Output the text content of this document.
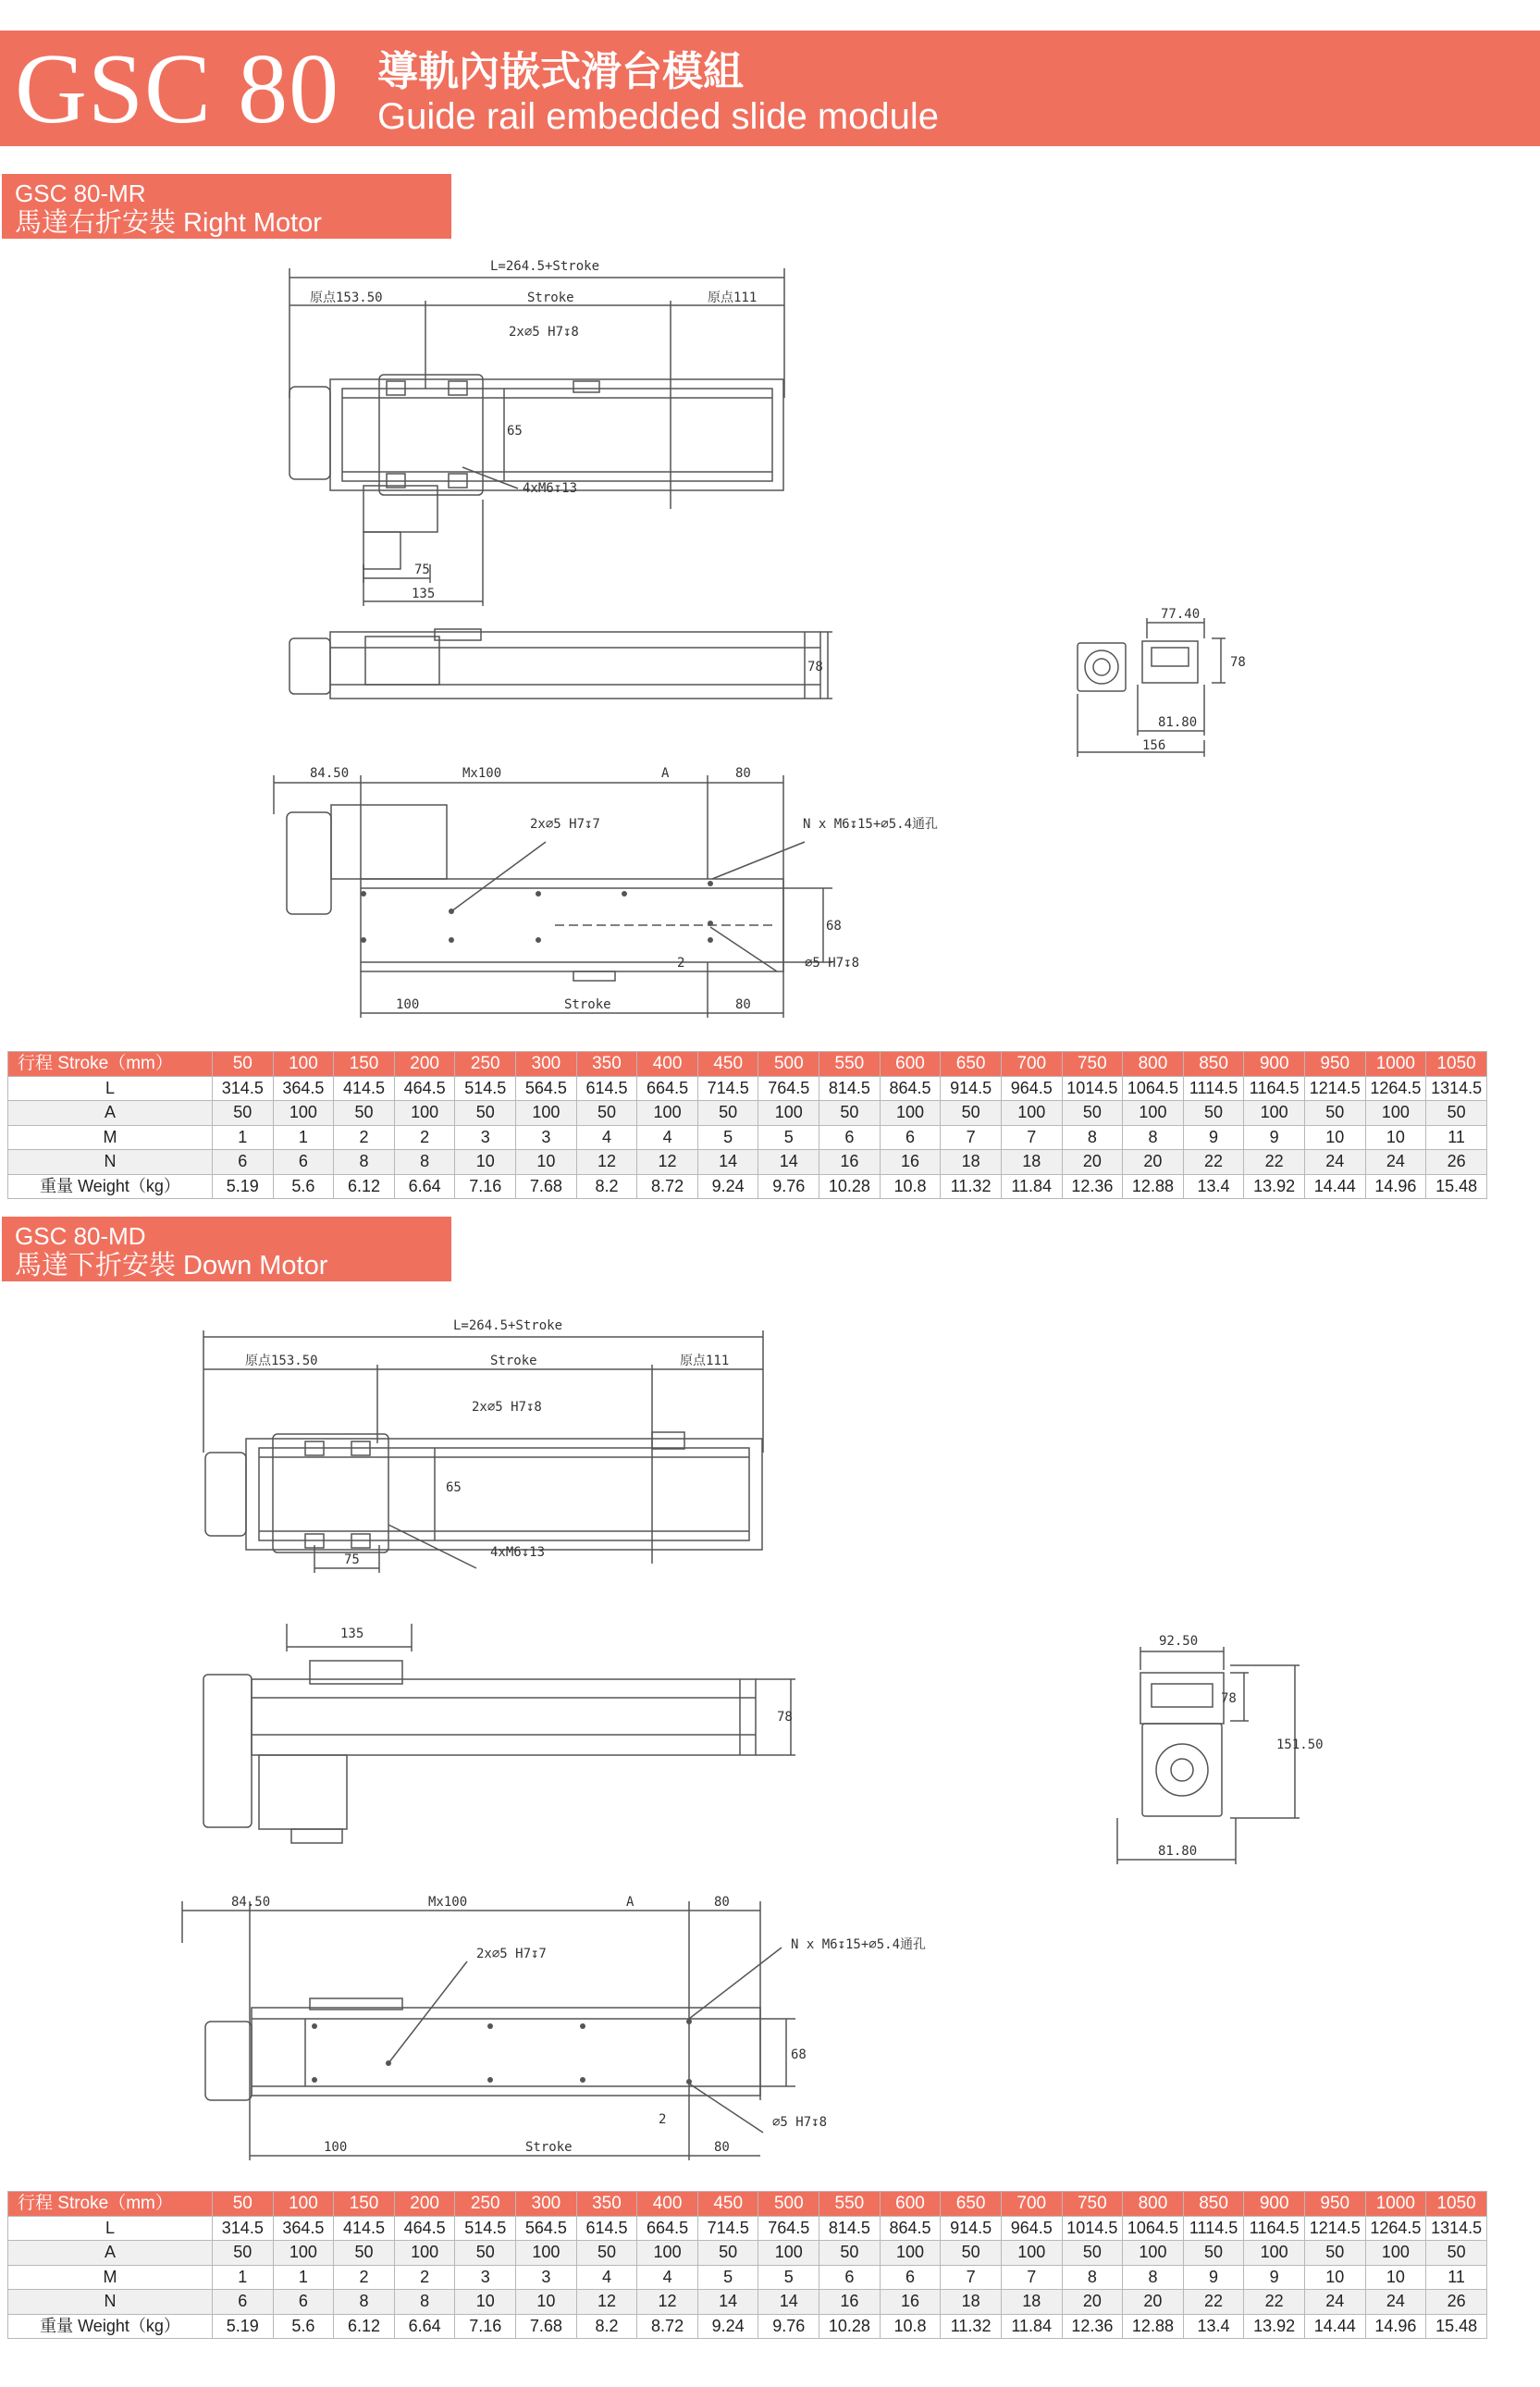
GSC 80 導軌內嵌式滑台模組
Guide rail embedded slide module
GSC 80-MR
馬達右折安裝 Right Motor Mounting	L=264.5+Stroke
原点153.50	Stroke	原点111
2x∅5 H7↧8
65
4xM6↧13
75
135
78
77.40
78
81.80
156
84.50	Mx100	A	80
2x∅5 H7↧7	N x M6↧15+∅5.4通孔
68
2	∅5 H7↧8
100	Stroke	80
行程 Stroke（mm）	50	100	150	200	250	300	350	400	450	500	550	600	650	700	750	800	850	900	950	1000	1050
L	314.5	364.5	414.5	464.5	514.5	564.5	614.5	664.5	714.5	764.5	814.5	864.5	914.5	964.5	1014.5	1064.5	1114.5	1164.5	1214.5	1264.5	1314.5
A	50	100	50	100	50	100	50	100	50	100	50	100	50	100	50	100	50	100	50	100	50
M	1	1	2	2	3	3	4	4	5	5	6	6	7	7	8	8	9	9	10	10	11
N	6	6	8	8	10	10	12	12	14	14	16	16	18	18	20	20	22	22	24	24	26
重量 Weight（kg）	5.19	5.6	6.12	6.64	7.16	7.68	8.2	8.72	9.24	9.76	10.28	10.8	11.32	11.84	12.36	12.88	13.4	13.92	14.44	14.96	15.48
GSC 80-MD
馬達下折安裝 Down Motor Mounting
L=264.5+Stroke
原点153.50	Stroke	原点111
2x∅5 H7↧8
65
4xM6↧13
75
135
78
92.50
78
151.50
81.80
84.50	Mx100	A	80
2x∅5 H7↧7
N x M6↧15+∅5.4通孔
68
2	∅5 H7↧8
100	Stroke	80
行程 Stroke（mm）	50	100	150	200	250	300	350	400	450	500	550	600	650	700	750	800	850	900	950	1000	1050
L	314.5	364.5	414.5	464.5	514.5	564.5	614.5	664.5	714.5	764.5	814.5	864.5	914.5	964.5	1014.5	1064.5	1114.5	1164.5	1214.5	1264.5	1314.5
A	50	100	50	100	50	100	50	100	50	100	50	100	50	100	50	100	50	100	50	100	50
M	1	1	2	2	3	3	4	4	5	5	6	6	7	7	8	8	9	9	10	10	11
N	6	6	8	8	10	10	12	12	14	14	16	16	18	18	20	20	22	22	24	24	26
重量 Weight（kg）	5.19	5.6	6.12	6.64	7.16	7.68	8.2	8.72	9.24	9.76	10.28	10.8	11.32	11.84	12.36	12.88	13.4	13.92	14.44	14.96	15.48
